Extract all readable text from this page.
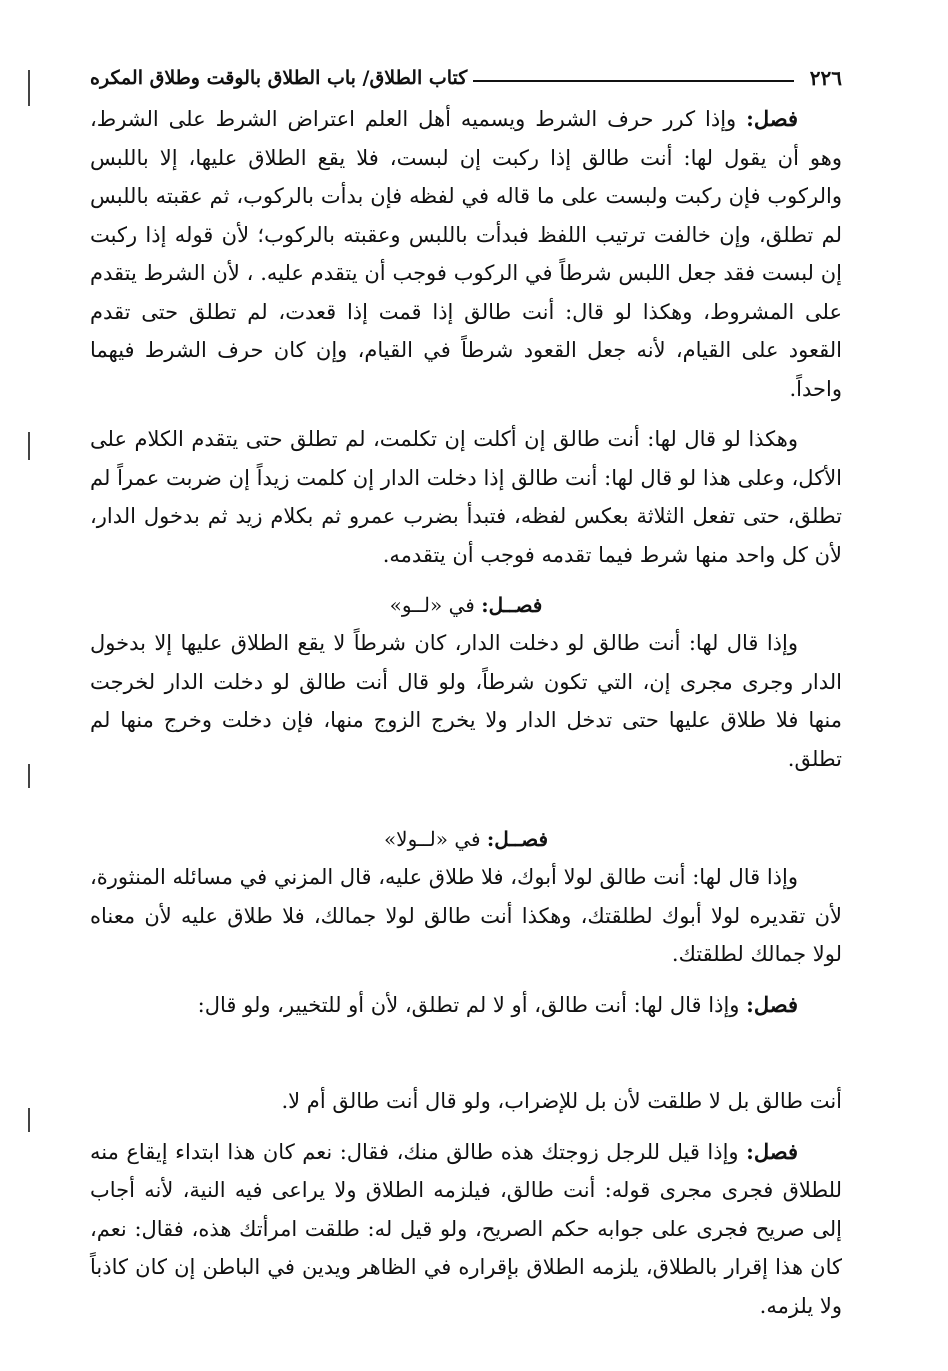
٢٢٦
كتاب الطلاق/ باب الطلاق بالوقت وطلاق المكره

فصل: وإذا كرر حرف الشرط ويسميه أهل العلم اعتراض الشرط على الشرط، وهو أن يقول لها: أنت طالق إذا ركبت إن لبست، فلا يقع الطلاق عليها، إلا باللبس والركوب فإن ركبت ولبست على ما قاله في لفظه فإن بدأت بالركوب، ثم عقبته باللبس لم تطلق، وإن خالفت ترتيب اللفظ فبدأت باللبس وعقبته بالركوب؛ لأن قوله إذا ركبت إن لبست فقد جعل اللبس شرطاً في الركوب فوجب أن يتقدم عليه. ، لأن الشرط يتقدم على المشروط، وهكذا لو قال: أنت طالق إذا قمت إذا قعدت، لم تطلق حتى تقدم القعود على القيام، لأنه جعل القعود شرطاً في القيام، وإن كان حرف الشرط فيهما واحداً.

وهكذا لو قال لها: أنت طالق إن أكلت إن تكلمت، لم تطلق حتى يتقدم الكلام على الأكل، وعلى هذا لو قال لها: أنت طالق إذا دخلت الدار إن كلمت زيداً إن ضربت عمراً لم تطلق، حتى تفعل الثلاثة بعكس لفظه، فتبدأ بضرب عمرو ثم بكلام زيد ثم بدخول الدار، لأن كل واحد منها شرط فيما تقدمه فوجب أن يتقدمه.

فصــل: في «لــو»

وإذا قال لها: أنت طالق لو دخلت الدار، كان شرطاً لا يقع الطلاق عليها إلا بدخول الدار وجرى مجرى إن، التي تكون شرطاً، ولو قال أنت طالق لو دخلت الدار لخرجت منها فلا طلاق عليها حتى تدخل الدار ولا يخرج الزوج منها، فإن دخلت وخرج منها لم تطلق.

فصــل: في «لــولا»

وإذا قال لها: أنت طالق لولا أبوك، فلا طلاق عليه، قال المزني في مسائله المنثورة، لأن تقديره لولا أبوك لطلقتك، وهكذا أنت طالق لولا جمالك، فلا طلاق عليه لأن معناه لولا جمالك لطلقتك.

فصل: وإذا قال لها: أنت طالق، أو لا لم تطلق، لأن أو للتخيير، ولو قال:

أنت طالق بل لا طلقت لأن بل للإضراب، ولو قال أنت طالق أم لا.

فصل: وإذا قيل للرجل زوجتك هذه طالق منك، فقال: نعم كان هذا ابتداء إيقاع منه للطلاق فجرى مجرى قوله: أنت طالق، فيلزمه الطلاق ولا يراعى فيه النية، لأنه أجاب إلى صريح فجرى على جوابه حكم الصريح، ولو قيل له: طلقت امرأتك هذه، فقال: نعم، كان هذا إقرار بالطلاق، يلزمه الطلاق بإقراره في الظاهر ويدين في الباطن إن كان كاذباً ولا يلزمه.
